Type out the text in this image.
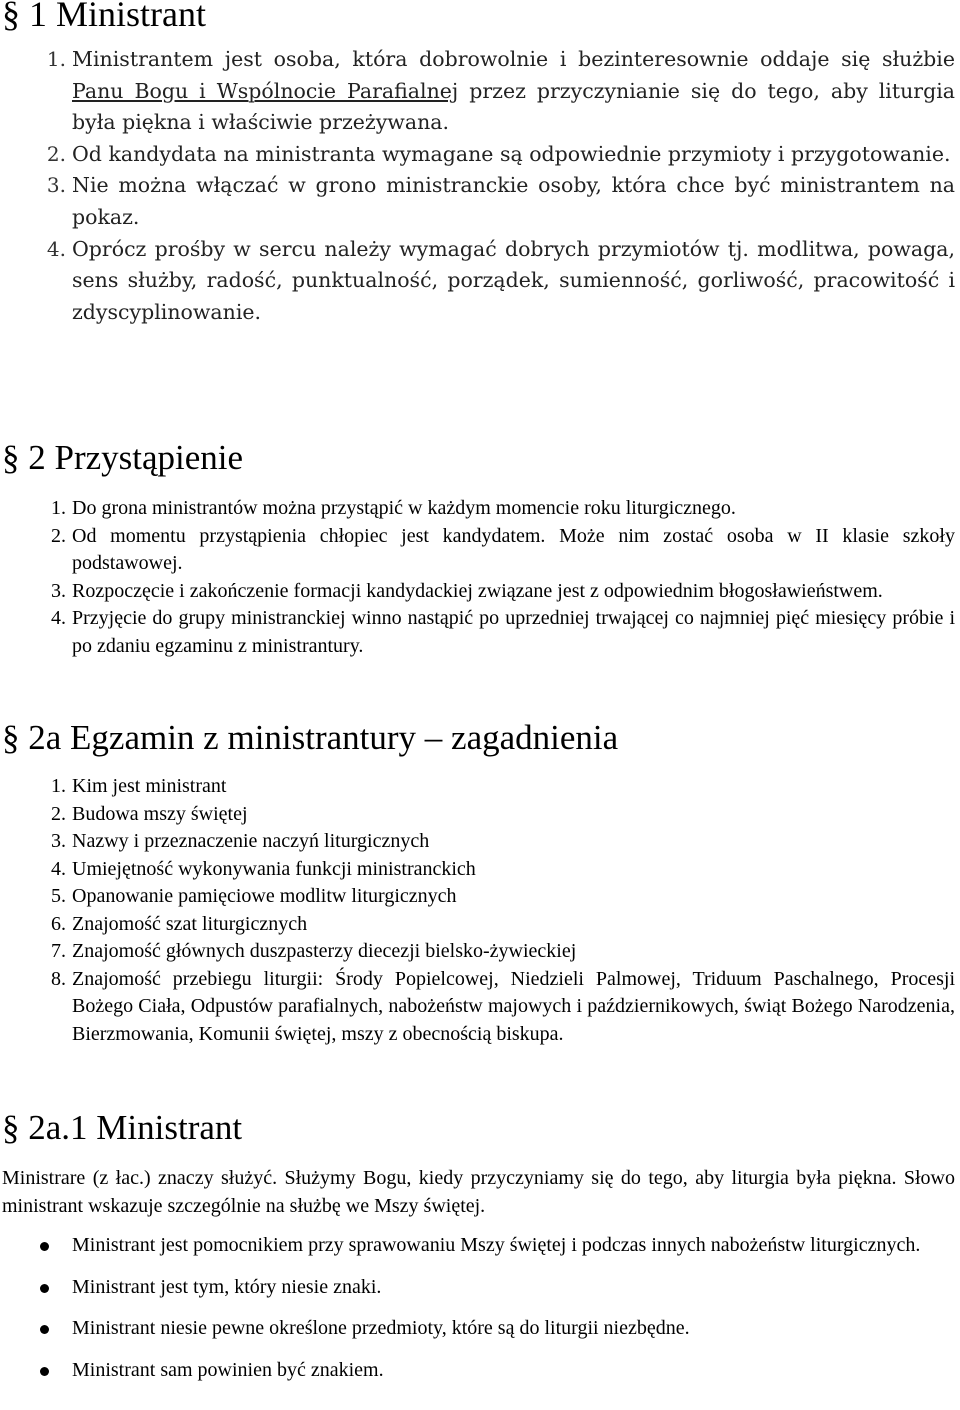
§ 1 Ministrant
1. Ministrantem jest osoba, która dobrowolnie i bezinteresownie oddaje się służbie Panu Bogu i Wspólnocie Parafialnej przez przyczynianie się do tego, aby liturgia była piękna i właściwie przeżywana.
2. Od kandydata na ministranta wymagane są odpowiednie przymioty i przygotowanie.
3. Nie można włączać w grono ministranckie osoby, która chce być ministrantem na pokaz.
4. Oprócz prośby w sercu należy wymagać dobrych przymiotów tj. modlitwa, powaga, sens służby, radość, punktualność, porządek, sumienność, gorliwość, pracowitość i zdyscyplinowanie.
§ 2 Przystąpienie
1. Do grona ministrantów można przystąpić w każdym momencie roku liturgicznego.
2. Od momentu przystąpienia chłopiec jest kandydatem. Może nim zostać osoba w II klasie szkoły podstawowej.
3. Rozpoczęcie i zakończenie formacji kandydackiej związane jest z odpowiednim błogosławieństwem.
4. Przyjęcie do grupy ministranckiej winno nastąpić po uprzedniej trwającej co najmniej pięć miesięcy próbie i po zdaniu egzaminu z ministrantury.
§ 2a Egzamin z ministrantury – zagadnienia
1. Kim jest ministrant
2. Budowa mszy świętej
3. Nazwy i przeznaczenie naczyń liturgicznych
4. Umiejętność wykonywania funkcji ministranckich
5. Opanowanie pamięciowe modlitw liturgicznych
6. Znajomość szat liturgicznych
7. Znajomość głównych duszpasterzy diecezji bielsko-żywieckiej
8. Znajomość przebiegu liturgii: Środy Popielcowej, Niedzieli Palmowej, Triduum Paschalnego, Procesji Bożego Ciała, Odpustów parafialnych, nabożeństw majowych i październikowych, świąt Bożego Narodzenia, Bierzmowania, Komunii świętej, mszy z obecnością biskupa.
§ 2a.1 Ministrant

Ministrare (z łac.) znaczy służyć. Służymy Bogu, kiedy przyczyniamy się do tego, aby liturgia była piękna. Słowo ministrant wskazuje szczególnie na służbę we Mszy świętej.

Ministrant jest pomocnikiem przy sprawowaniu Mszy świętej i podczas innych nabożeństw liturgicznych.
Ministrant jest tym, który niesie znaki.
Ministrant niesie pewne określone przedmioty, które są do liturgii niezbędne.
Ministrant sam powinien być znakiem.
